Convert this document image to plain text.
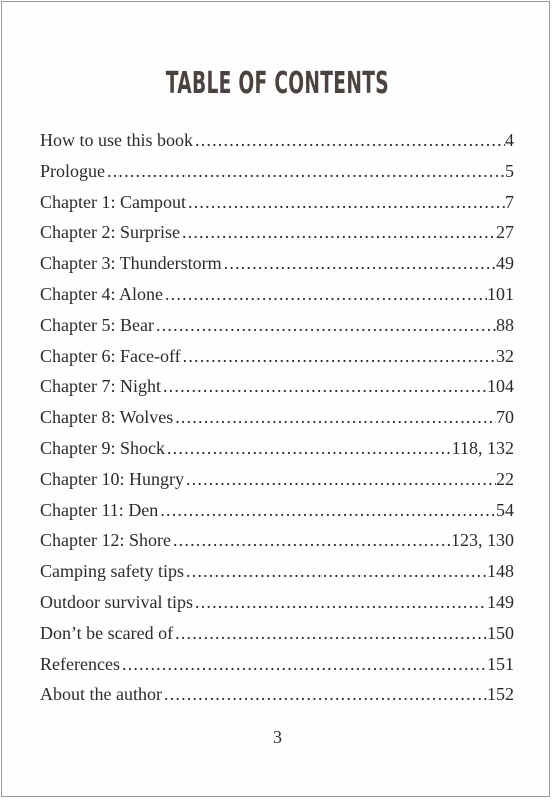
TABLE OF CONTENTS
How to use this book .....	4
Prologue .....	5
Chapter 1: Campout .....	7
Chapter 2: Surprise .....	27
Chapter 3: Thunderstorm .....	49
Chapter 4: Alone .....	101
Chapter 5: Bear .....	88
Chapter 6: Face-off .....	32
Chapter 7: Night .....	104
Chapter 8: Wolves .....	70
Chapter 9: Shock .....	118, 132
Chapter 10: Hungry .....	22
Chapter 11: Den .....	54
Chapter 12: Shore .....	123, 130
Camping safety tips .....	148
Outdoor survival tips .....	149
Don’t be scared of .....	150
References .....	151
About the author .....	152
3
